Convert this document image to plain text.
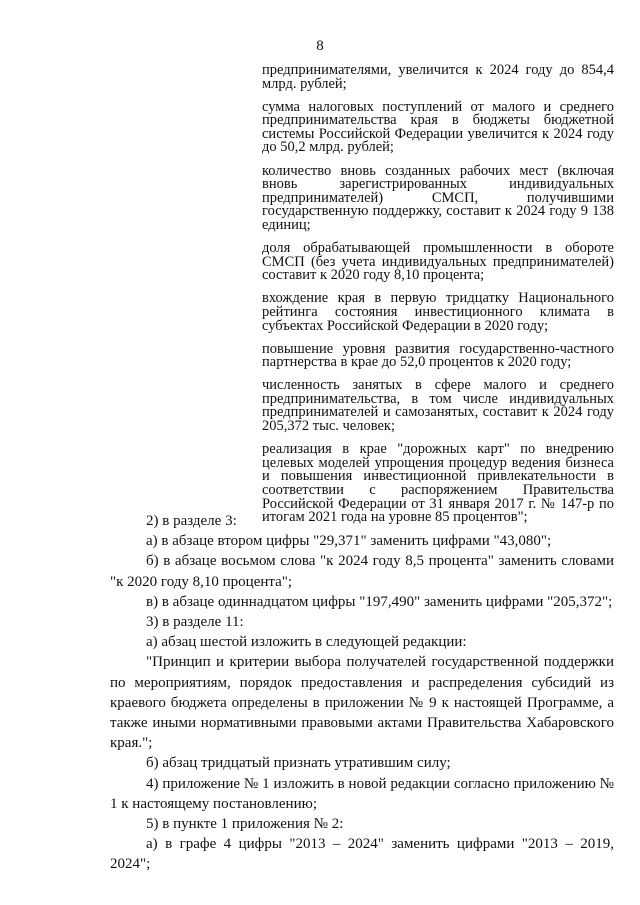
8
предпринимателями, увеличится к 2024 году до 854,4 млрд. рублей;
сумма налоговых поступлений от малого и среднего предпринимательства края в бюджеты бюджетной системы Российской Федерации увеличится к 2024 году до 50,2 млрд. рублей;
количество вновь созданных рабочих мест (включая вновь зарегистрированных индивидуальных предпринимателей) СМСП, получившими государственную поддержку, составит к 2024 году 9 138 единиц;
доля обрабатывающей промышленности в обороте СМСП (без учета индивидуальных предпринимателей) составит к 2020 году 8,10 процента;
вхождение края в первую тридцатку Национального рейтинга состояния инвестиционного климата в субъектах Российской Федерации в 2020 году;
повышение уровня развития государственно-частного партнерства в крае до 52,0 процентов к 2020 году;
численность занятых в сфере малого и среднего предпринимательства, в том числе индивидуальных предпринимателей и самозанятых, составит к 2024 году 205,372 тыс. человек;
реализация в крае "дорожных карт" по внедрению целевых моделей упрощения процедур ведения бизнеса и повышения инвестиционной привлекательности в соответствии с распоряжением Правительства Российской Федерации от 31 января 2017 г. № 147-р по итогам 2021 года на уровне 85 процентов";

2) в разделе 3:

а) в абзаце втором цифры "29,371" заменить цифрами "43,080";

б) в абзаце восьмом слова "к 2024 году 8,5 процента" заменить словами "к 2020 году 8,10 процента";

в) в абзаце одиннадцатом цифры "197,490" заменить цифрами "205,372";

3) в разделе 11:

а) абзац шестой изложить в следующей редакции:

"Принцип и критерии выбора получателей государственной поддержки по мероприятиям, порядок предоставления и распределения субсидий из краевого бюджета определены в приложении № 9 к настоящей Программе, а также иными нормативными правовыми актами Правительства Хабаровского края.";

б) абзац тридцатый признать утратившим силу;

4) приложение № 1 изложить в новой редакции согласно приложению № 1 к настоящему постановлению;

5) в пункте 1 приложения № 2:

а) в графе 4 цифры "2013 – 2024" заменить цифрами "2013 – 2019, 2024";
